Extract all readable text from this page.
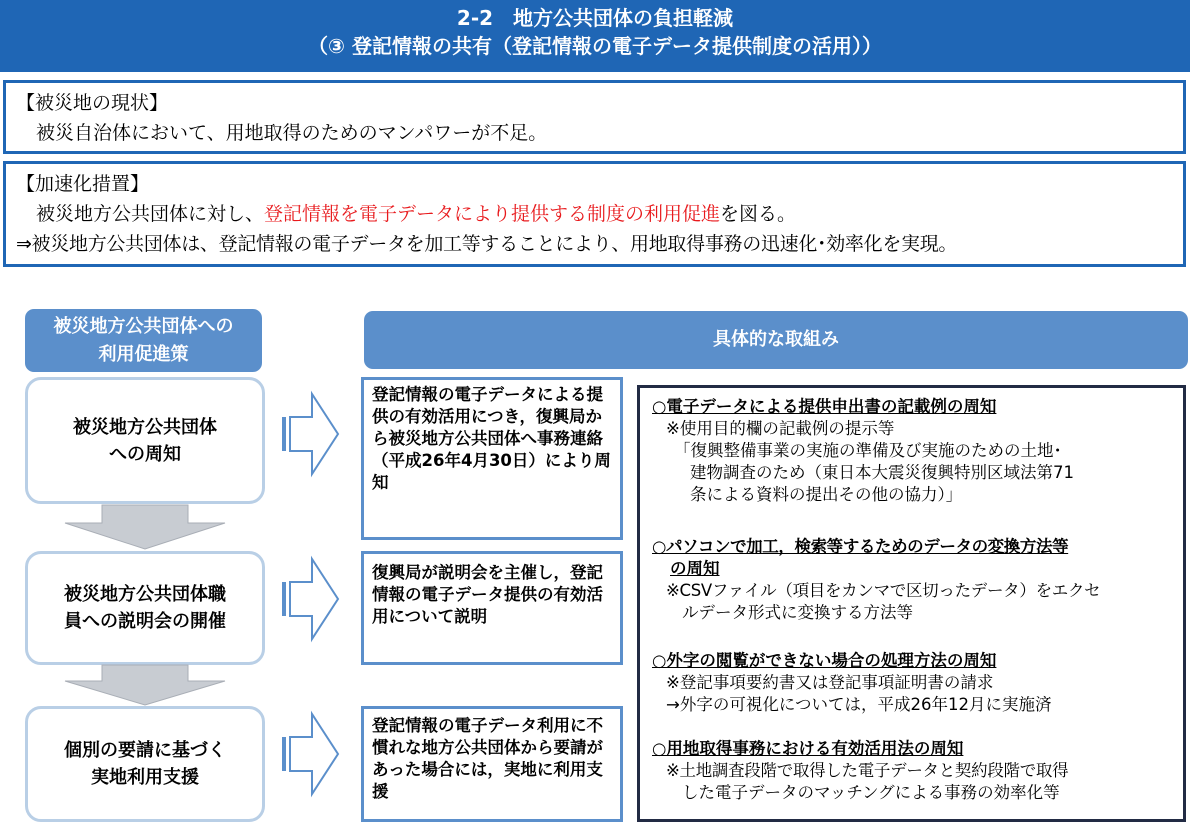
2-2　地方公共団体の負担軽減
（③ 登記情報の共有（登記情報の電子データ提供制度の活用））
【被災地の現状】
被災自治体において、用地取得のためのマンパワーが不足。
【加速化措置】
被災地方公共団体に対し、登記情報を電子データにより提供する制度の利用促進を図る。
⇒被災地方公共団体は、登記情報の電子データを加工等することにより、用地取得事務の迅速化･効率化を実現。
被災地方公共団体への
利用促進策
具体的な取組み
被災地方公共団体
への周知
被災地方公共団体職
員への説明会の開催
個別の要請に基づく
実地利用支援
登記情報の電子データによる提供の有効活用につき，復興局から被災地方公共団体へ事務連絡（平成26年4月30日）により周知
復興局が説明会を主催し，登記情報の電子データ提供の有効活用について説明
登記情報の電子データ利用に不慣れな地方公共団体から要請があった場合には，実地に利用支援
○電子データによる提供申出書の記載例の周知
※使用目的欄の記載例の提示等
「復興整備事業の実施の準備及び実施のための土地･
建物調査のため（東日本大震災復興特別区域法第71
条による資料の提出その他の協力）」
○パソコンで加工，検索等するためのデータの変換方法等
の周知
※CSVファイル（項目をカンマで区切ったデータ）をエクセ
ルデータ形式に変換する方法等
○外字の閲覧ができない場合の処理方法の周知
※登記事項要約書又は登記事項証明書の請求
→外字の可視化については，平成26年12月に実施済
○用地取得事務における有効活用法の周知
※土地調査段階で取得した電子データと契約段階で取得
した電子データのマッチングによる事務の効率化等
